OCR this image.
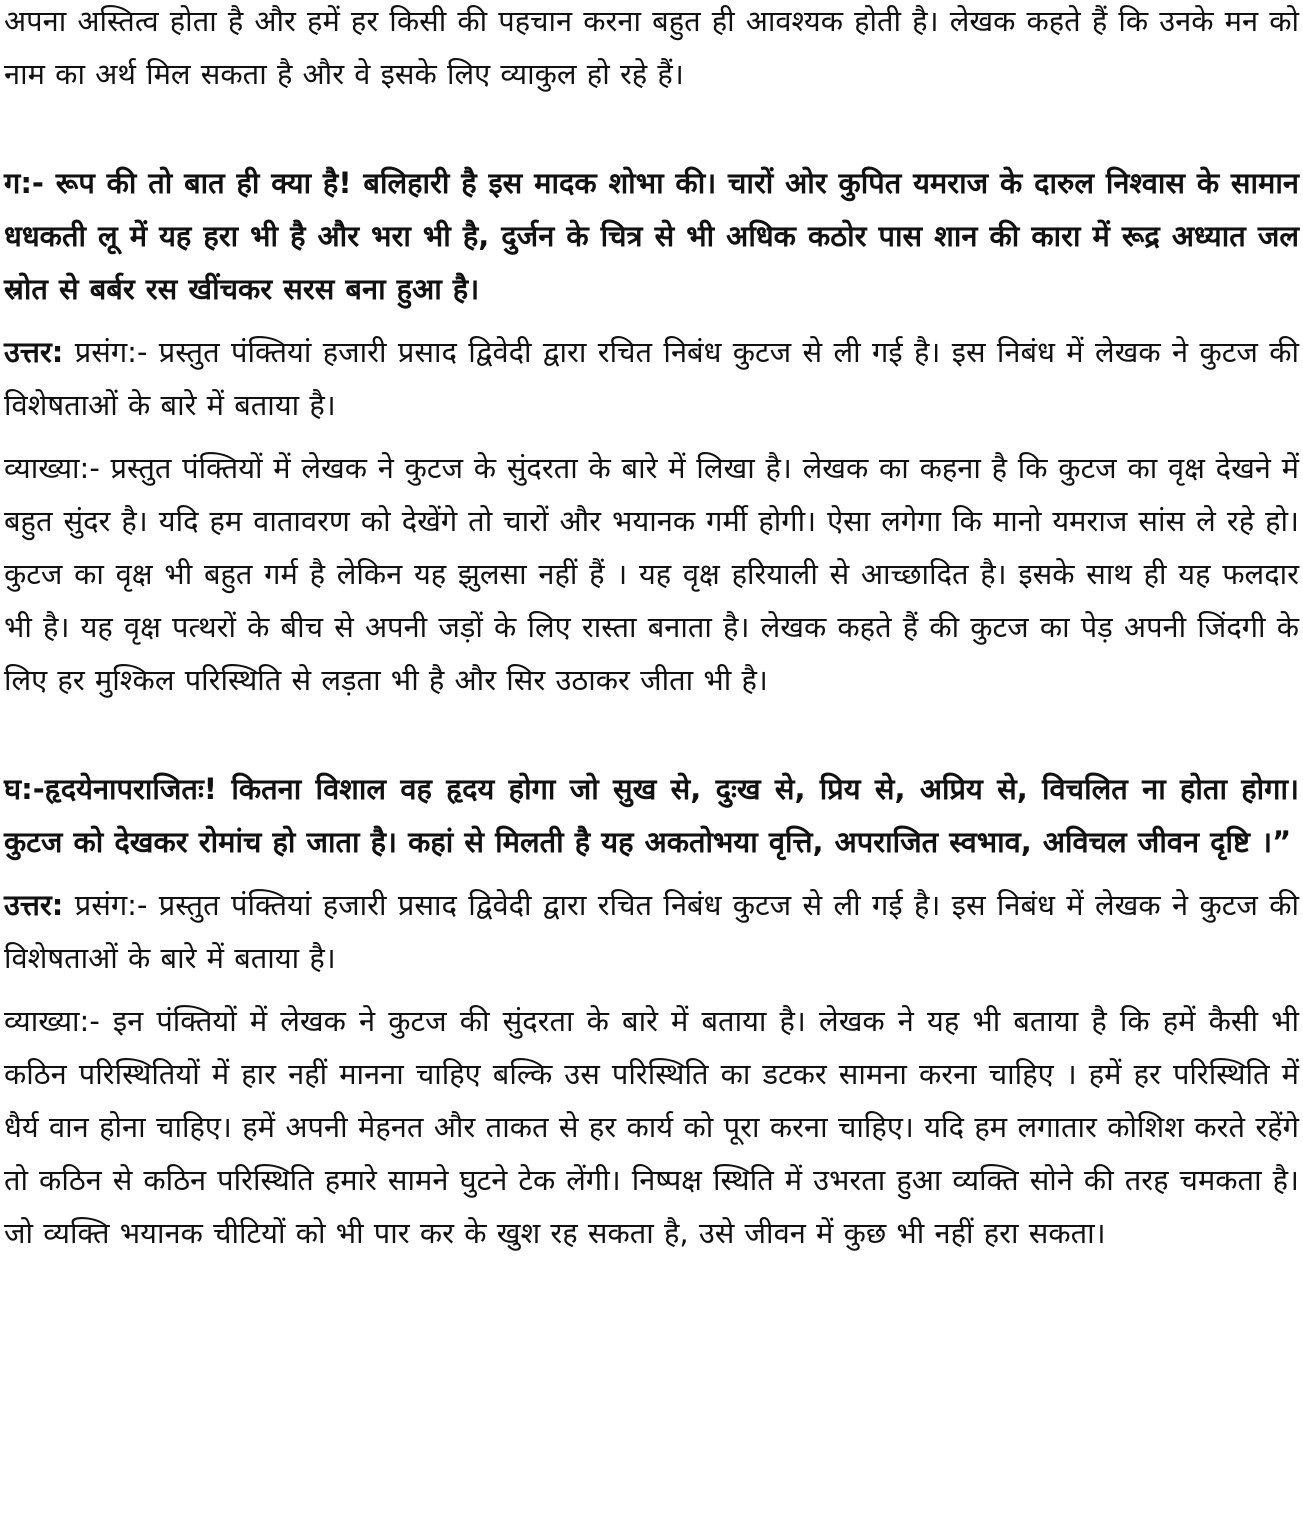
अपना अस्तित्व होता है और हमें हर किसी की पहचान करना बहुत ही आवश्यक होती है। लेखक कहते हैं कि उनके मन को नाम का अर्थ मिल सकता है और वे इसके लिए व्याकुल हो रहे हैं।

ग:- रूप की तो बात ही क्या है! बलिहारी है इस मादक शोभा की। चारों ओर कुपित यमराज के दारुल निश्वास के सामान धधकती लू में यह हरा भी है और भरा भी है, दुर्जन के चित्र से भी अधिक कठोर पास शान की कारा में रूद्र अध्यात जल स्रोत से बर्बर रस खींचकर सरस बना हुआ है।

उत्तर: प्रसंग:- प्रस्तुत पंक्तियां हजारी प्रसाद द्विवेदी द्वारा रचित निबंध कुटज से ली गई है। इस निबंध में लेखक ने कुटज की विशेषताओं के बारे में बताया है।

व्याख्या:- प्रस्तुत पंक्तियों में लेखक ने कुटज के सुंदरता के बारे में लिखा है। लेखक का कहना है कि कुटज का वृक्ष देखने में बहुत सुंदर है। यदि हम वातावरण को देखेंगे तो चारों और भयानक गर्मी होगी। ऐसा लगेगा कि मानो यमराज सांस ले रहे हो। कुटज का वृक्ष भी बहुत गर्म है लेकिन यह झुलसा नहीं हैं । यह वृक्ष हरियाली से आच्छादित है। इसके साथ ही यह फलदार भी है। यह वृक्ष पत्थरों के बीच से अपनी जड़ों के लिए रास्ता बनाता है। लेखक कहते हैं की कुटज का पेड़ अपनी जिंदगी के लिए हर मुश्किल परिस्थिति से लड़ता भी है और सिर उठाकर जीता भी है।

घ:-हृदयेनापराजितः! कितना विशाल वह हृदय होगा जो सुख से, दुःख से, प्रिय से, अप्रिय से, विचलित ना होता होगा। कुटज को देखकर रोमांच हो जाता है। कहां से मिलती है यह अकतोभया वृत्ति, अपराजित स्वभाव, अविचल जीवन दृष्टि ।”

उत्तर: प्रसंग:- प्रस्तुत पंक्तियां हजारी प्रसाद द्विवेदी द्वारा रचित निबंध कुटज से ली गई है। इस निबंध में लेखक ने कुटज की विशेषताओं के बारे में बताया है।

व्याख्या:- इन पंक्तियों में लेखक ने कुटज की सुंदरता के बारे में बताया है। लेखक ने यह भी बताया है कि हमें कैसी भी कठिन परिस्थितियों में हार नहीं मानना चाहिए बल्कि उस परिस्थिति का डटकर सामना करना चाहिए । हमें हर परिस्थिति में धैर्य वान होना चाहिए। हमें अपनी मेहनत और ताकत से हर कार्य को पूरा करना चाहिए। यदि हम लगातार कोशिश करते रहेंगे तो कठिन से कठिन परिस्थिति हमारे सामने घुटने टेक लेंगी। निष्पक्ष स्थिति में उभरता हुआ व्यक्ति सोने की तरह चमकता है। जो व्यक्ति भयानक चीटियों को भी पार कर के खुश रह सकता है, उसे जीवन में कुछ भी नहीं हरा सकता।
